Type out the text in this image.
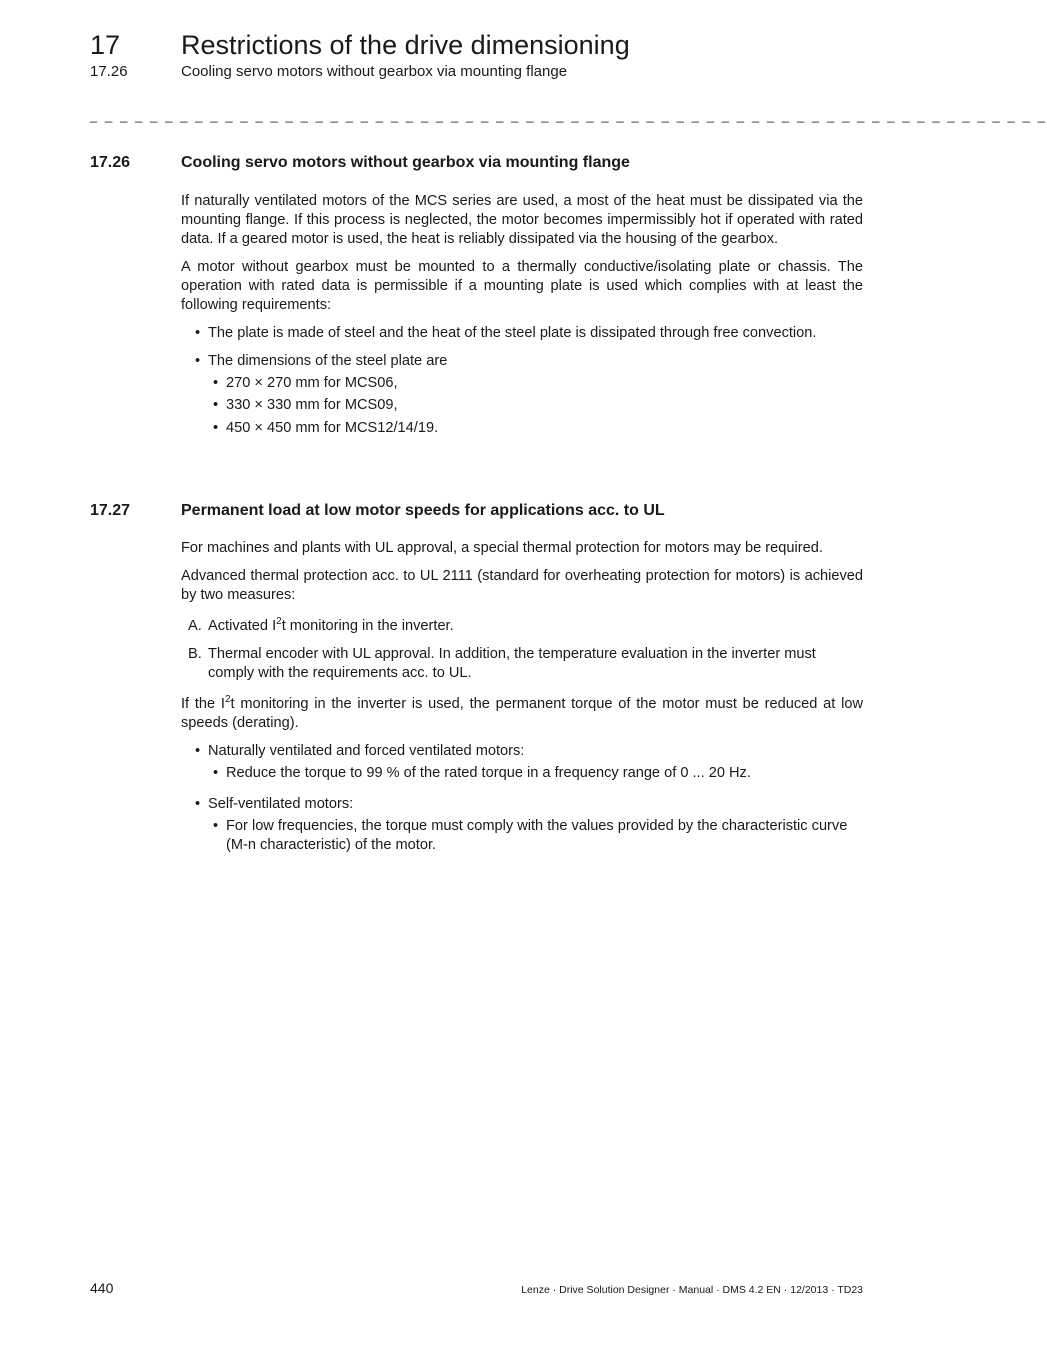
17 Restrictions of the drive dimensioning
17.26	Cooling servo motors without gearbox via mounting flange
_ _ _ _ _ _ _ _ _ _ _ _ _ _ _ _ _ _ _ _ _ _ _ _ _ _ _ _ _ _ _ _ _ _ _ _ _ _ _ _ _ _ _ _ _ _ _ _ _ _ _ _ _ _ _ _ _ _ _ _ _ _ _ _
17.26	Cooling servo motors without gearbox via mounting flange

If naturally ventilated motors of the MCS series are used, a most of the heat must be dissipated via the mounting flange. If this process is neglected, the motor becomes impermissibly hot if operated with rated data. If a geared motor is used, the heat is reliably dissipated via the housing of the gearbox.

A motor without gearbox must be mounted to a thermally conductive/isolating plate or chassis. The operation with rated data is permissible if a mounting plate is used which complies with at least the following requirements:

• The plate is made of steel and the heat of the steel plate is dissipated through free convection.
• The dimensions of the steel plate are
• 270 × 270 mm for MCS06,
• 330 × 330 mm for MCS09,
• 450 × 450 mm for MCS12/14/19.
17.27	Permanent load at low motor speeds for applications acc. to UL

For machines and plants with UL approval, a special thermal protection for motors may be required.

Advanced thermal protection acc. to UL 2111 (standard for overheating protection for motors) is achieved by two measures:

A. Activated $I^2t$ monitoring in the inverter.
B. Thermal encoder with UL approval. In addition, the temperature evaluation in the inverter must comply with the requirements acc. to UL.

If the $I^2t$ monitoring in the inverter is used, the permanent torque of the motor must be reduced at low speeds (derating).

• Naturally ventilated and forced ventilated motors:
• Reduce the torque to 99 % of the rated torque in a frequency range of 0 ... 20 Hz.
• Self-ventilated motors:
• For low frequencies, the torque must comply with the values provided by the characteristic curve (M-n characteristic) of the motor.
440	Lenze · Drive Solution Designer · Manual · DMS 4.2 EN · 12/2013 · TD23
